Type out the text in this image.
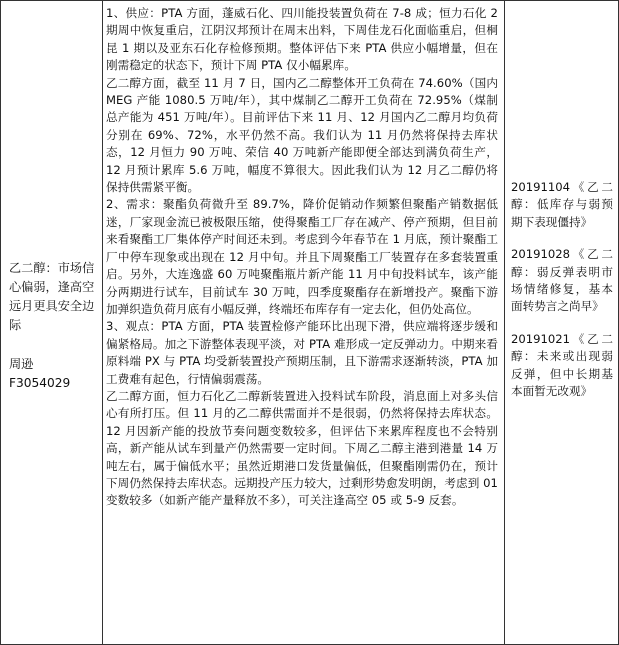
乙二醇：市场信心偏弱，逢高空远月更具安全边际

周逊
F3054029

1、供应：PTA 方面，蓬威石化、四川能投装置负荷在 7-8 成；恒力石化 2 期周中恢复重启，江阴汉邦预计在周末出料，下周佳龙石化面临重启，但桐昆 1 期以及亚东石化存检修预期。整体评估下来 PTA 供应小幅增量，但在刚需稳定的状态下，预计下周 PTA 仅小幅累库。

乙二醇方面，截至 11 月 7 日，国内乙二醇整体开工负荷在 74.60%（国内 MEG 产能 1080.5 万吨/年），其中煤制乙二醇开工负荷在 72.95%（煤制总产能为 451 万吨/年）。目前评估下来 11 月、12 月国内乙二醇月均负荷分别在 69%、72%，水平仍然不高。我们认为 11 月仍然将保持去库状态，12 月恒力 90 万吨、荣信 40 万吨新产能即便全部达到满负荷生产，12 月预计累库 5.6 万吨，幅度不算很大。因此我们认为 12 月乙二醇仍将保持供需紧平衡。

2、需求：聚酯负荷微升至 89.7%，降价促销动作频繁但聚酯产销数据低迷，厂家现金流已被极限压缩，使得聚酯工厂存在减产、停产预期，但目前来看聚酯工厂集体停产时间还未到。考虑到今年春节在 1 月底，预计聚酯工厂中停车现象或出现在 12 月中旬。并且下周聚酯工厂装置存在多套装置重启。另外，大连逸盛 60 万吨聚酯瓶片新产能 11 月中旬投料试车，该产能分两期进行试车，目前试车 30 万吨，四季度聚酯存在新增投产。聚酯下游加弹织造负荷月底有小幅反弹，终端坯布库存有一定去化，但仍处高位。

3、观点：PTA 方面，PTA 装置检修产能环比出现下滑，供应端将逐步缓和偏紧格局。加之下游整体表现平淡，对 PTA 难形成一定反弹动力。中期来看原料端 PX 与 PTA 均受新装置投产预期压制，且下游需求逐渐转淡，PTA 加工费难有起色，行情偏弱震荡。

乙二醇方面，恒力石化乙二醇新装置进入投料试车阶段，消息面上对多头信心有所打压。但 11 月的乙二醇供需面并不是很弱，仍然将保持去库状态。12 月因新产能的投放节奏问题变数较多，但评估下来累库程度也不会特别高，新产能从试车到量产仍然需要一定时间。下周乙二醇主港到港量 14 万吨左右，属于偏低水平；虽然近期港口发货量偏低，但聚酯刚需仍在，预计下周仍然保持去库状态。远期投产压力较大，过剩形势愈发明朗，考虑到 01 变数较多（如新产能产量释放不多），可关注逢高空 05 或 5-9 反套。

20191104《乙二醇：低库存与弱预期下表现僵持》

20191028《乙二醇：弱反弹表明市场情绪修复，基本面转势言之尚早》

20191021《乙二醇：未来或出现弱反弹，但中长期基本面暂无改观》
